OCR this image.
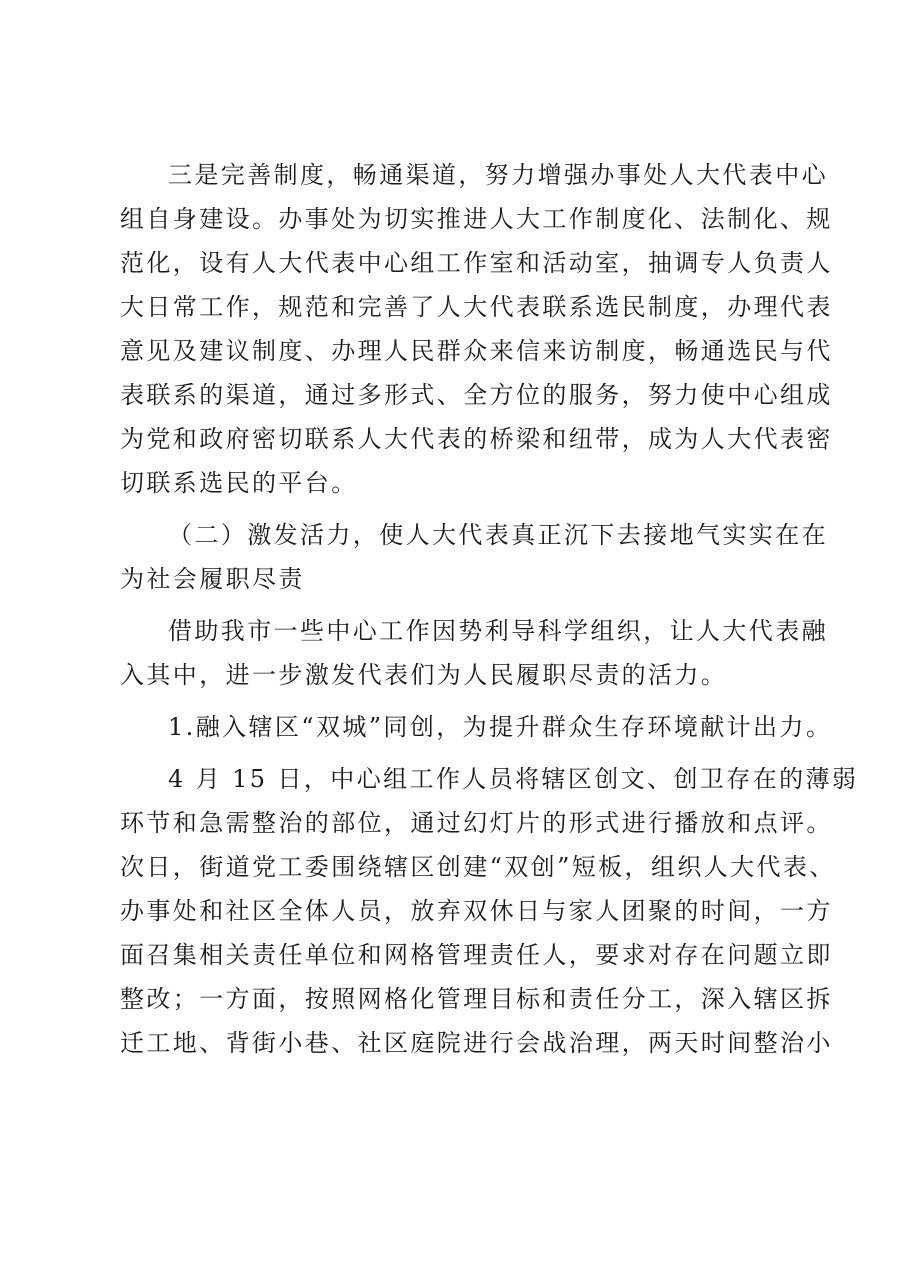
三是完善制度，畅通渠道，努力增强办事处人大代表中心
组自身建设。办事处为切实推进人大工作制度化、法制化、规
范化，设有人大代表中心组工作室和活动室，抽调专人负责人
大日常工作，规范和完善了人大代表联系选民制度，办理代表
意见及建议制度、办理人民群众来信来访制度，畅通选民与代
表联系的渠道，通过多形式、全方位的服务，努力使中心组成
为党和政府密切联系人大代表的桥梁和纽带，成为人大代表密
切联系选民的平台。
（二）激发活力，使人大代表真正沉下去接地气实实在在
为社会履职尽责
借助我市一些中心工作因势利导科学组织，让人大代表融
入其中，进一步激发代表们为人民履职尽责的活力。
1.融入辖区“双城”同创，为提升群众生存环境献计出力。
4 月 15 日，中心组工作人员将辖区创文、创卫存在的薄弱
环节和急需整治的部位，通过幻灯片的形式进行播放和点评。
次日，街道党工委围绕辖区创建“双创”短板，组织人大代表、
办事处和社区全体人员，放弃双休日与家人团聚的时间，一方
面召集相关责任单位和网格管理责任人，要求对存在问题立即
整改；一方面，按照网格化管理目标和责任分工，深入辖区拆
迁工地、背街小巷、社区庭院进行会战治理，两天时间整治小
